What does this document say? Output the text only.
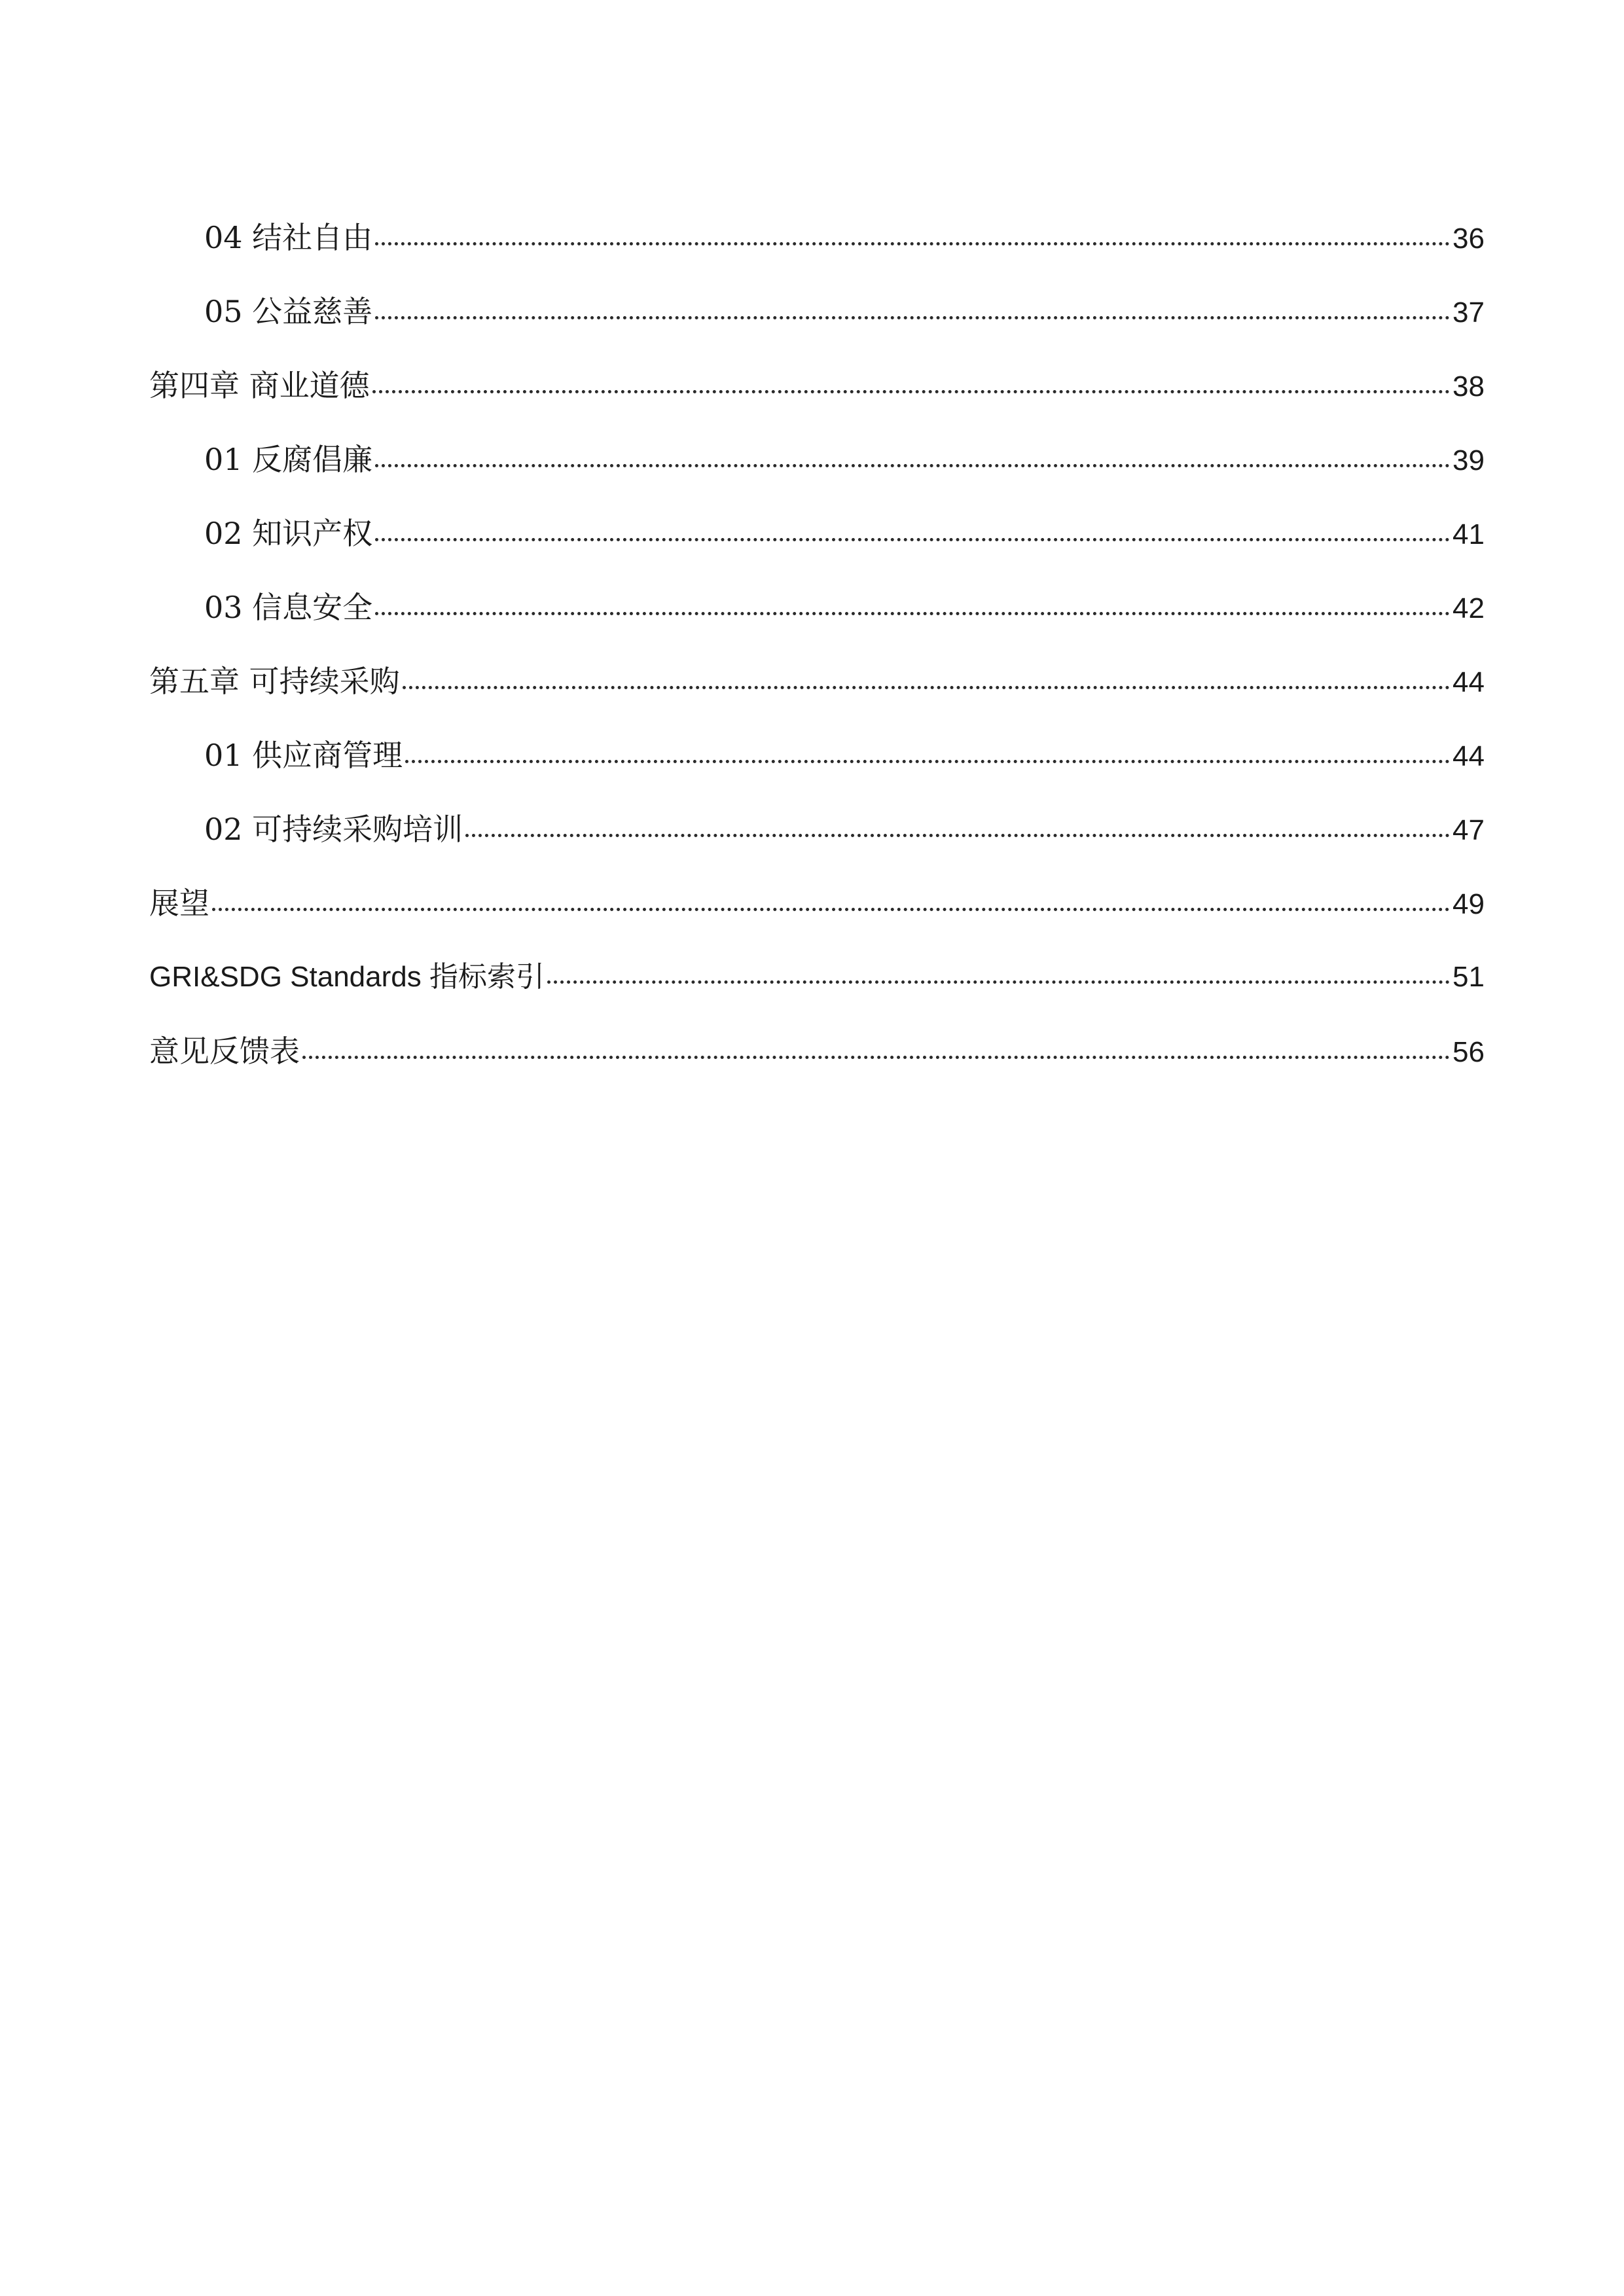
04 结社自由	36
05 公益慈善	37
第四章 商业道德	38
01 反腐倡廉	39
02 知识产权	41
03 信息安全	42
第五章 可持续采购	44
01 供应商管理	44
02 可持续采购培训	47
展望	49
GRI&SDG Standards 指标索引	51
意见反馈表	56
